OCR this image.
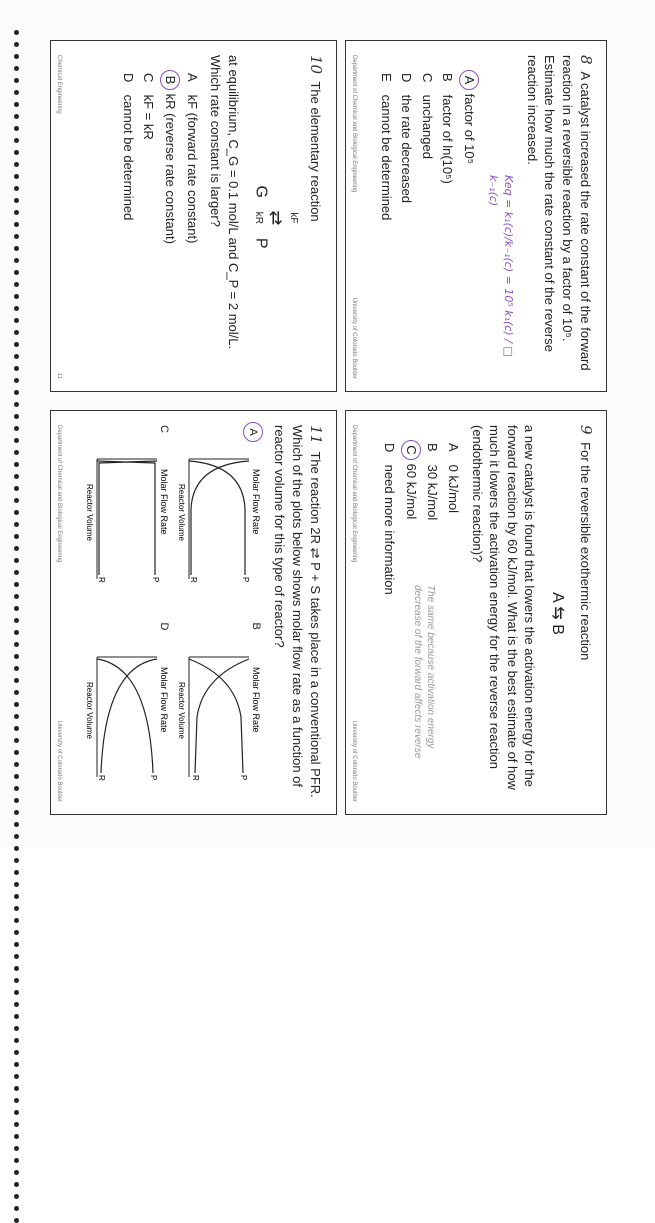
8 A catalyst increased the rate constant of the forward reaction in a reversible reaction by a factor of 10⁵. Estimate how much the rate constant of the reverse reaction increased.
Keq = k₁(c)/k₋₁(c) = 10⁵ k₁(c) / □ k₋₁(c)
A factor of 10⁵
B factor of ln(10⁵)
C unchanged
D the rate decreased
E cannot be determined
Department of Chemical and Biological Engineering
University of Colorado Boulder
10 The elementary reaction
G
kF
⇄
kR
P
at equilibrium, C_G = 0.1 mol/L and C_P = 2 mol/L. Which rate constant is larger?
A kF (forward rate constant)
B kR (reverse rate constant)
C kF = kR
D cannot be determined
Chemical Engineering
11
9 For the reversible exothermic reaction
A ⇆ B
a new catalyst is found that lowers the activation energy for the forward reaction by 60 kJ/mol. What is the best estimate of how much it lowers the activation energy for the reverse reaction (endothermic reaction)?
A 0 kJ/mol
B 30 kJ/mol
C 60 kJ/mol
D need more information
The same because activation energy decrease of the forward affects reverse
Department of Chemical and Biological Engineering
University of Colorado Boulder
11 The reaction 2R ⇄ P + S takes place in a conventional PFR. Which of the plots below shows molar flow rate as a function of reactor volume for this type of reactor?
A
Molar Flow Rate
R	P
Reactor Volume
B
Molar Flow Rate
R	P
Reactor Volume
C
Molar Flow Rate
R	P
Reactor Volume
D
Molar Flow Rate
R	P
Reactor Volume
Department of Chemical and Biological Engineering
University of Colorado Boulder
